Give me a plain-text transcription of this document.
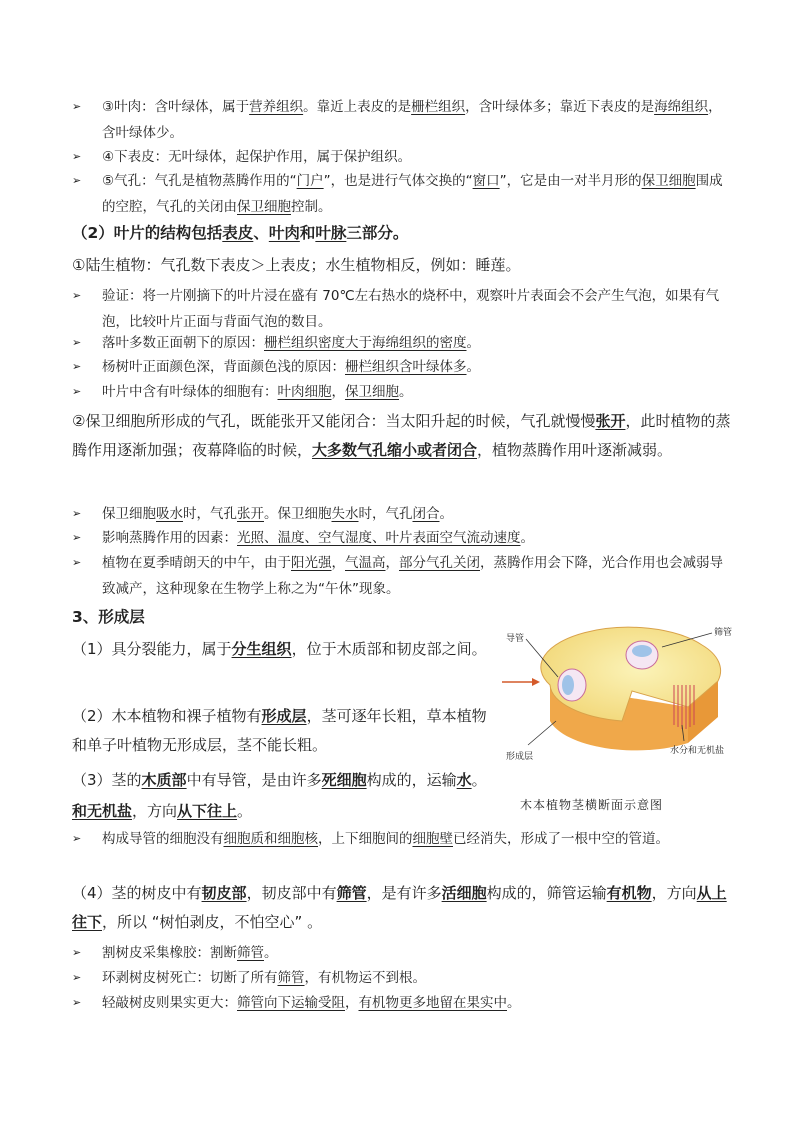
➢ ③叶肉：含叶绿体，属于营养组织。靠近上表皮的是栅栏组织，含叶绿体多；靠近下表皮的是海绵组织，含叶绿体少。
➢ ④下表皮：无叶绿体，起保护作用，属于保护组织。
➢ ⑤气孔：气孔是植物蒸腾作用的“门户”，也是进行气体交换的“窗口”，它是由一对半月形的保卫细胞围成的空腔，气孔的关闭由保卫细胞控制。
（2）叶片的结构包括表皮、叶肉和叶脉三部分。
①陆生植物：气孔数下表皮＞上表皮；水生植物相反，例如：睡莲。
➢ 验证：将一片刚摘下的叶片浸在盛有 70℃左右热水的烧杯中，观察叶片表面会不会产生气泡，如果有气泡，比较叶片正面与背面气泡的数目。
➢ 落叶多数正面朝下的原因：栅栏组织密度大于海绵组织的密度。
➢ 杨树叶正面颜色深，背面颜色浅的原因：栅栏组织含叶绿体多。
➢ 叶片中含有叶绿体的细胞有：叶肉细胞，保卫细胞。
②保卫细胞所形成的气孔，既能张开又能闭合：当太阳升起的时候，气孔就慢慢张开，此时植物的蒸腾作用逐渐加强；夜幕降临的时候，大多数气孔缩小或者闭合，植物蒸腾作用叶逐渐减弱。
➢ 保卫细胞吸水时，气孔张开。保卫细胞失水时，气孔闭合。
➢ 影响蒸腾作用的因素：光照、温度、空气湿度、叶片表面空气流动速度。
➢ 植物在夏季晴朗天的中午，由于阳光强，气温高，部分气孔关闭，蒸腾作用会下降，光合作用也会减弱导致减产，这种现象在生物学上称之为“午休”现象。
3、形成层
（1）具分裂能力，属于分生组织，位于木质部和韧皮部之间。
（2）木本植物和裸子植物有形成层，茎可逐年长粗，草本植物和单子叶植物无形成层，茎不能长粗。
（3）茎的木质部中有导管，是由许多死细胞构成的，运输水。
和无机盐，方向从下往上。
导管
筛管
形成层
水分和无机盐
木本植物茎横断面示意图
➢ 构成导管的细胞没有细胞质和细胞核，上下细胞间的细胞壁已经消失，形成了一根中空的管道。
（4）茎的树皮中有韧皮部，韧皮部中有筛管，是有许多活细胞构成的，筛管运输有机物，方向从上往下，所以 “树怕剥皮，不怕空心” 。
➢ 割树皮采集橡胶：割断筛管。
➢ 环剥树皮树死亡：切断了所有筛管，有机物运不到根。
➢ 轻敲树皮则果实更大：筛管向下运输受阻，有机物更多地留在果实中。
